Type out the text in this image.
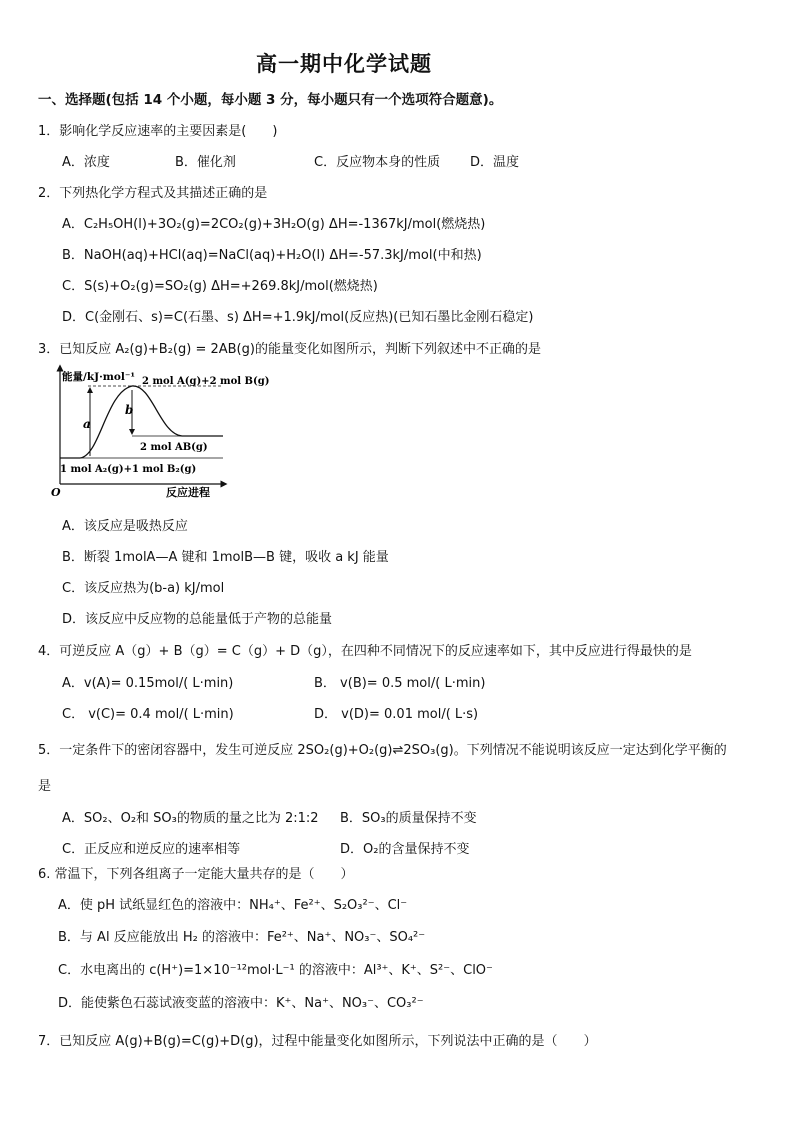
高一期中化学试题
一、选择题(包括 14 个小题，每小题 3 分，每小题只有一个选项符合题意)。
1．影响化学反应速率的主要因素是(　　)
A．浓度	B．催化剂	C．反应物本身的性质 D．温度
2．下列热化学方程式及其描述正确的是
A．C₂H₅OH(l)+3O₂(g)=2CO₂(g)+3H₂O(g) ΔH=-1367kJ/mol(燃烧热)
B．NaOH(aq)+HCl(aq)=NaCl(aq)+H₂O(l) ΔH=-57.3kJ/mol(中和热)
C．S(s)+O₂(g)=SO₂(g) ΔH=+269.8kJ/mol(燃烧热)
D．C(金刚石、s)=C(石墨、s) ΔH=+1.9kJ/mol(反应热)(已知石墨比金刚石稳定)
3．已知反应 A₂(g)+B₂(g) = 2AB(g)的能量变化如图所示，判断下列叙述中不正确的是
能量/kJ·mol⁻¹
O	反应进程
a
b
2 mol A(g)+2 mol B(g)
2 mol AB(g)
1 mol A₂(g)+1 mol B₂(g)
A．该反应是吸热反应
B．断裂 1molA—A 键和 1molB—B 键，吸收 a kJ 能量
C．该反应热为(b-a) kJ/mol
D．该反应中反应物的总能量低于产物的总能量
4．可逆反应 A（g）+ B（g）= C（g）+ D（g），在四种不同情况下的反应速率如下，其中反应进行得最快的是
A．v(A)= 0.15mol/( L·min)	B． v(B)= 0.5 mol/( L·min)
C． v(C)= 0.4 mol/( L·min)	D． v(D)= 0.01 mol/( L·s)
5．一定条件下的密闭容器中，发生可逆反应 2SO₂(g)+O₂(g)⇌2SO₃(g)。下列情况不能说明该反应一定达到化学平衡的
是
A．SO₂、O₂和 SO₃的物质的量之比为 2:1:2 B．SO₃的质量保持不变
C．正反应和逆反应的速率相等	D．O₂的含量保持不变
6. 常温下，下列各组离子一定能大量共存的是（　　）
A．使 pH 试纸显红色的溶液中：NH₄⁺、Fe²⁺、S₂O₃²⁻、Cl⁻
B．与 Al 反应能放出 H₂ 的溶液中：Fe²⁺、Na⁺、NO₃⁻、SO₄²⁻
C．水电离出的 c(H⁺)=1×10⁻¹²mol·L⁻¹ 的溶液中：Al³⁺、K⁺、S²⁻、ClO⁻
D．能使紫色石蕊试液变蓝的溶液中：K⁺、Na⁺、NO₃⁻、CO₃²⁻
7．已知反应 A(g)+B(g)=C(g)+D(g)，过程中能量变化如图所示，下列说法中正确的是（　　）
